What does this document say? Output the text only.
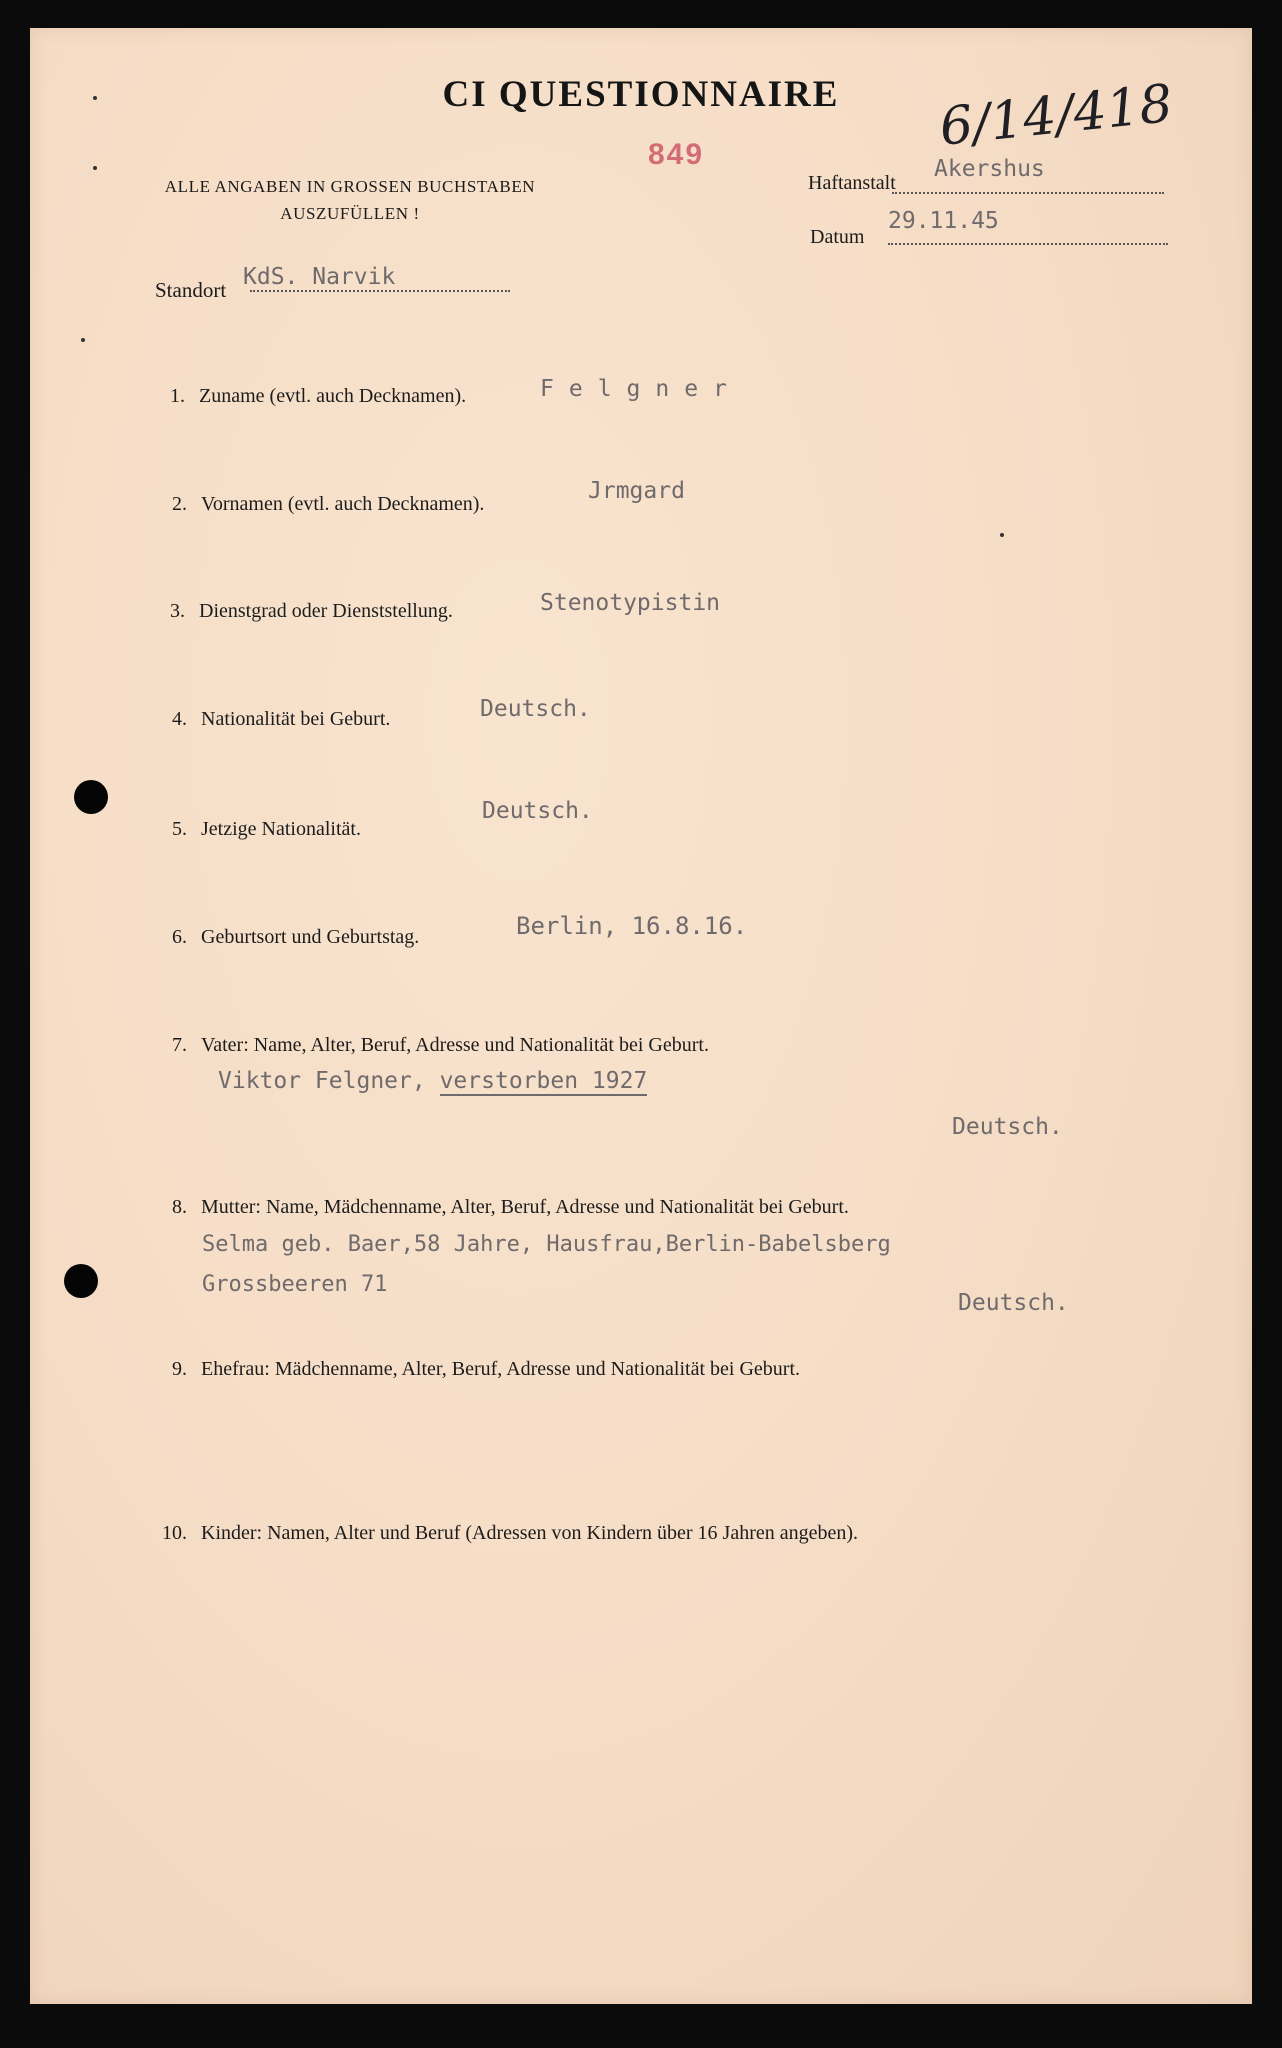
CI QUESTIONNAIRE	6/14/418
849
ALLE ANGABEN IN GROSSEN BUCHSTABEN
AUSZUFÜLLEN !
Haftanstalt
Akershus
Datum
29.11.45
Standort KdS. Narvik
1. Zuname (evtl. auch Decknamen).	Felgner
2. Vornamen (evtl. auch Decknamen).	Jrmgard
3. Dienstgrad oder Dienststellung.	Stenotypistin
4. Nationalität bei Geburt.	Deutsch.
5. Jetzige Nationalität.
Deutsch.
6. Geburtsort und Geburtstag.	Berlin, 16.8.16.
7. Vater: Name, Alter, Beruf, Adresse und Nationalität bei Geburt.
Viktor Felgner, verstorben 1927
Deutsch.
8. Mutter: Name, Mädchenname, Alter, Beruf, Adresse und Nationalität bei Geburt.
Selma geb. Baer,58 Jahre, Hausfrau,Berlin-Babelsberg
Grossbeeren 71
Deutsch.
9. Ehefrau: Mädchenname, Alter, Beruf, Adresse und Nationalität bei Geburt.
10. Kinder: Namen, Alter und Beruf (Adressen von Kindern über 16 Jahren angeben).
